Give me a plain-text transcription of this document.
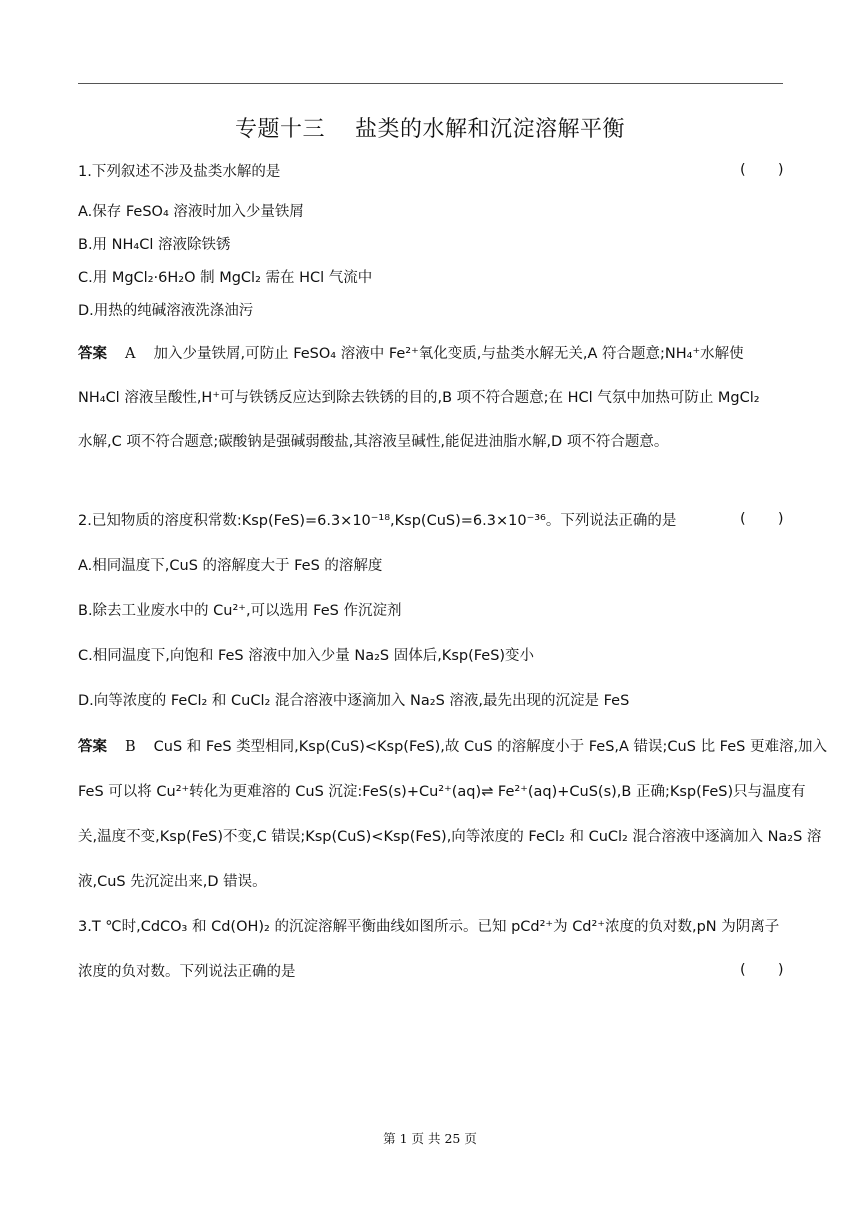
专题十三    盐类的水解和沉淀溶解平衡
1.下列叙述不涉及盐类水解的是	(       )
A.保存 FeSO₄ 溶液时加入少量铁屑
B.用 NH₄Cl 溶液除铁锈
C.用 MgCl₂·6H₂O 制 MgCl₂ 需在 HCl 气流中
D.用热的纯碱溶液洗涤油污
答案 A 加入少量铁屑,可防止 FeSO₄ 溶液中 Fe²⁺氧化变质,与盐类水解无关,A 符合题意;NH₄⁺水解使
NH₄Cl 溶液呈酸性,H⁺可与铁锈反应达到除去铁锈的目的,B 项不符合题意;在 HCl 气氛中加热可防止 MgCl₂
水解,C 项不符合题意;碳酸钠是强碱弱酸盐,其溶液呈碱性,能促进油脂水解,D 项不符合题意。
2.已知物质的溶度积常数:Ksp(FeS)=6.3×10⁻¹⁸,Ksp(CuS)=6.3×10⁻³⁶。下列说法正确的是	(       )
A.相同温度下,CuS 的溶解度大于 FeS 的溶解度
B.除去工业废水中的 Cu²⁺,可以选用 FeS 作沉淀剂
C.相同温度下,向饱和 FeS 溶液中加入少量 Na₂S 固体后,Ksp(FeS)变小
D.向等浓度的 FeCl₂ 和 CuCl₂ 混合溶液中逐滴加入 Na₂S 溶液,最先出现的沉淀是 FeS
答案 B CuS 和 FeS 类型相同,Ksp(CuS)<Ksp(FeS),故 CuS 的溶解度小于 FeS,A 错误;CuS 比 FeS 更难溶,加入
FeS 可以将 Cu²⁺转化为更难溶的 CuS 沉淀:FeS(s)+Cu²⁺(aq)⇌ Fe²⁺(aq)+CuS(s),B 正确;Ksp(FeS)只与温度有
关,温度不变,Ksp(FeS)不变,C 错误;Ksp(CuS)<Ksp(FeS),向等浓度的 FeCl₂ 和 CuCl₂ 混合溶液中逐滴加入 Na₂S 溶
液,CuS 先沉淀出来,D 错误。
3.T ℃时,CdCO₃ 和 Cd(OH)₂ 的沉淀溶解平衡曲线如图所示。已知 pCd²⁺为 Cd²⁺浓度的负对数,pN 为阴离子
浓度的负对数。下列说法正确的是	(       )
第 1 页 共 25 页
